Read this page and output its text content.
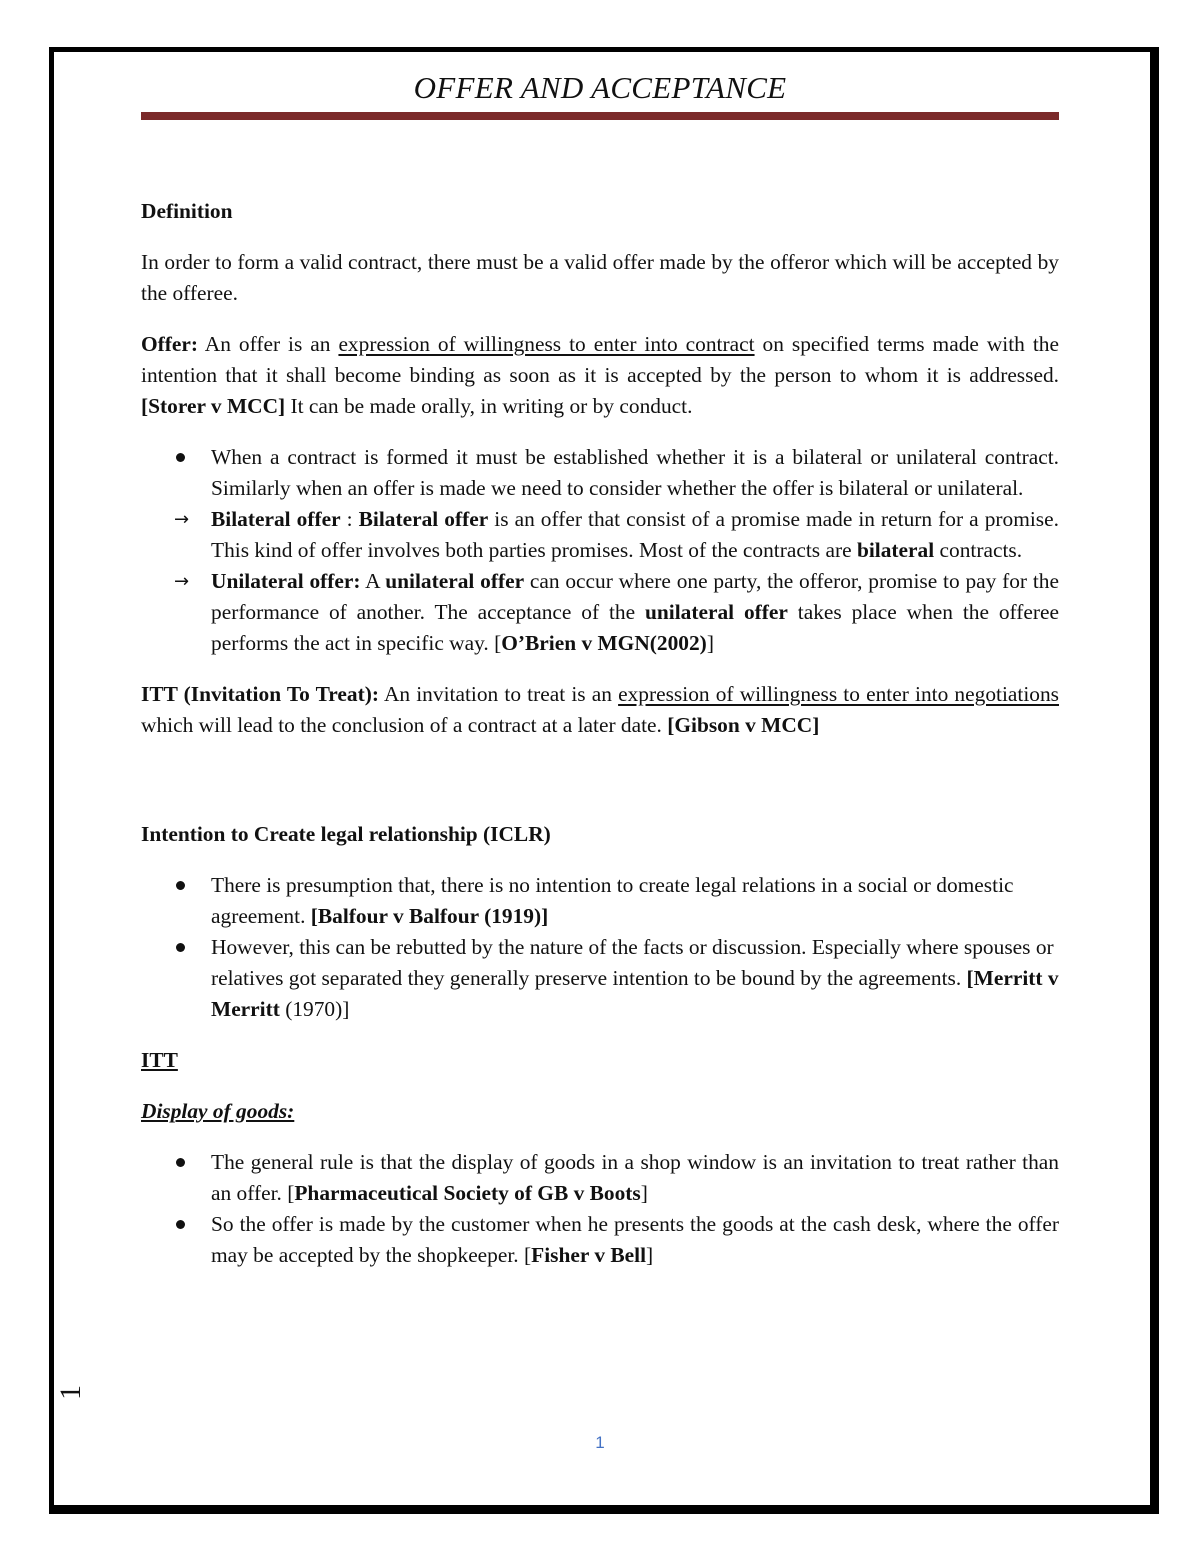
OFFER AND ACCEPTANCE
Definition

In order to form a valid contract, there must be a valid offer made by the offeror which will be accepted by the offeree.

Offer: An offer is an expression of willingness to enter into contract on specified terms made with the intention that it shall become binding as soon as it is accepted by the person to whom it is addressed.[Storer v MCC] It can be made orally, in writing or by conduct.

When a contract is formed it must be established whether it is a bilateral or unilateral contract. Similarly when an offer is made we need to consider whether the offer is bilateral or unilateral.
→ Bilateral offer : Bilateral offer is an offer that consist of a promise made in return for a promise. This kind of offer involves both parties promises. Most of the contracts are bilateral contracts.
→ Unilateral offer: A unilateral offer can occur where one party, the offeror, promise to pay for the performance of another. The acceptance of the unilateral offer takes place when the offeree performs the act in specific way. [O’Brien v MGN(2002)]

ITT (Invitation To Treat): An invitation to treat is an expression of willingness to enter into negotiations which will lead to the conclusion of a contract at a later date. [Gibson v MCC]

Intention to Create legal relationship (ICLR)
There is presumption that, there is no intention to create legal relations in a social or domestic agreement. [Balfour v Balfour (1919)]
However, this can be rebutted by the nature of the facts or discussion. Especially where spouses or relatives got separated they generally preserve intention to be bound by the agreements. [Merritt v Merritt (1970)]
ITT
Display of goods:
The general rule is that the display of goods in a shop window is an invitation to treat rather than an offer. [Pharmaceutical Society of GB v Boots]
So the offer is made by the customer when he presents the goods at the cash desk, where the offer may be accepted by the shopkeeper. [Fisher v Bell]
1
1
